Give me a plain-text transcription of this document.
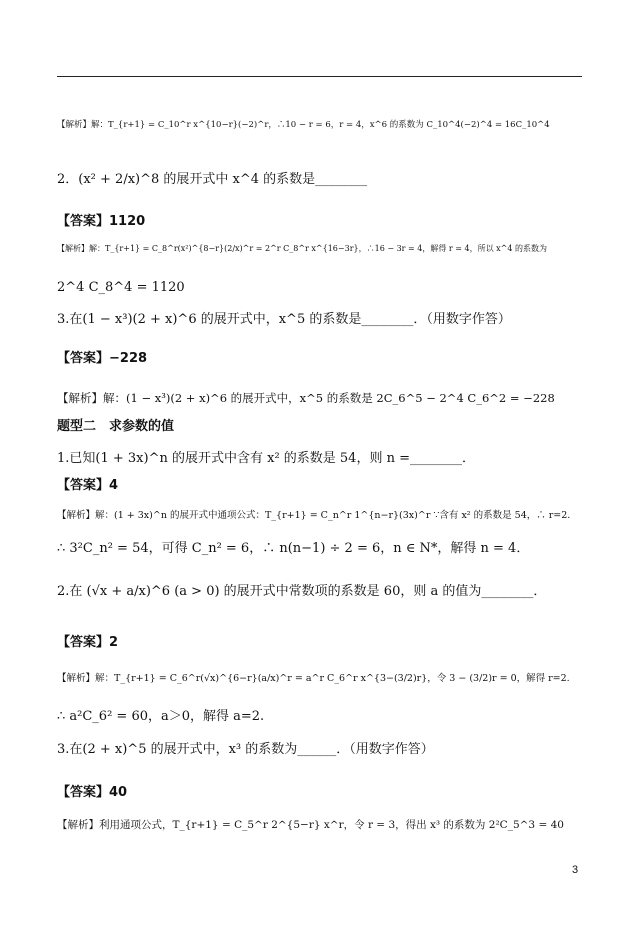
【解析】解：T_{r+1} = C_10^r x^{10−r}(−2)^r，∴10 − r = 6，r = 4，x^6 的系数为 C_10^4(−2)^4 = 16C_10^4
2．(x² + 2/x)^8 的展开式中 x^4 的系数是________
【答案】1120
【解析】解：T_{r+1} = C_8^r(x²)^{8−r}(2/x)^r = 2^r C_8^r x^{16−3r}，∴16 − 3r = 4，解得 r = 4，所以 x^4 的系数为
2^4 C_8^4 = 1120
3.在(1 − x³)(2 + x)^6 的展开式中，x^5 的系数是________．（用数字作答）
【答案】−228
【解析】解：(1 − x³)(2 + x)^6 的展开式中，x^5 的系数是 2C_6^5 − 2^4 C_6^2 = −228
题型二　求参数的值
1.已知(1 + 3x)^n 的展开式中含有 x² 的系数是 54，则 n =________．
【答案】4
【解析】解：(1 + 3x)^n 的展开式中通项公式：T_{r+1} = C_n^r 1^{n−r}(3x)^r ∵含有 x² 的系数是 54，∴ r=2.
∴ 3²C_n² = 54，可得 C_n² = 6，∴ n(n−1) ÷ 2 = 6，n ∈ N*，解得 n = 4．
2.在 (√x + a/x)^6 (a > 0) 的展开式中常数项的系数是 60，则 a 的值为________．
【答案】2
【解析】解：T_{r+1} = C_6^r(√x)^{6−r}(a/x)^r = a^r C_6^r x^{3−(3/2)r}，令 3 − (3/2)r = 0，解得 r=2.
∴ a²C_6² = 60，a＞0，解得 a=2.
3.在(2 + x)^5 的展开式中，x³ 的系数为______．（用数字作答）
【答案】40
【解析】利用通项公式，T_{r+1} = C_5^r 2^{5−r} x^r，令 r = 3，得出 x³ 的系数为 2²C_5^3 = 40
3
